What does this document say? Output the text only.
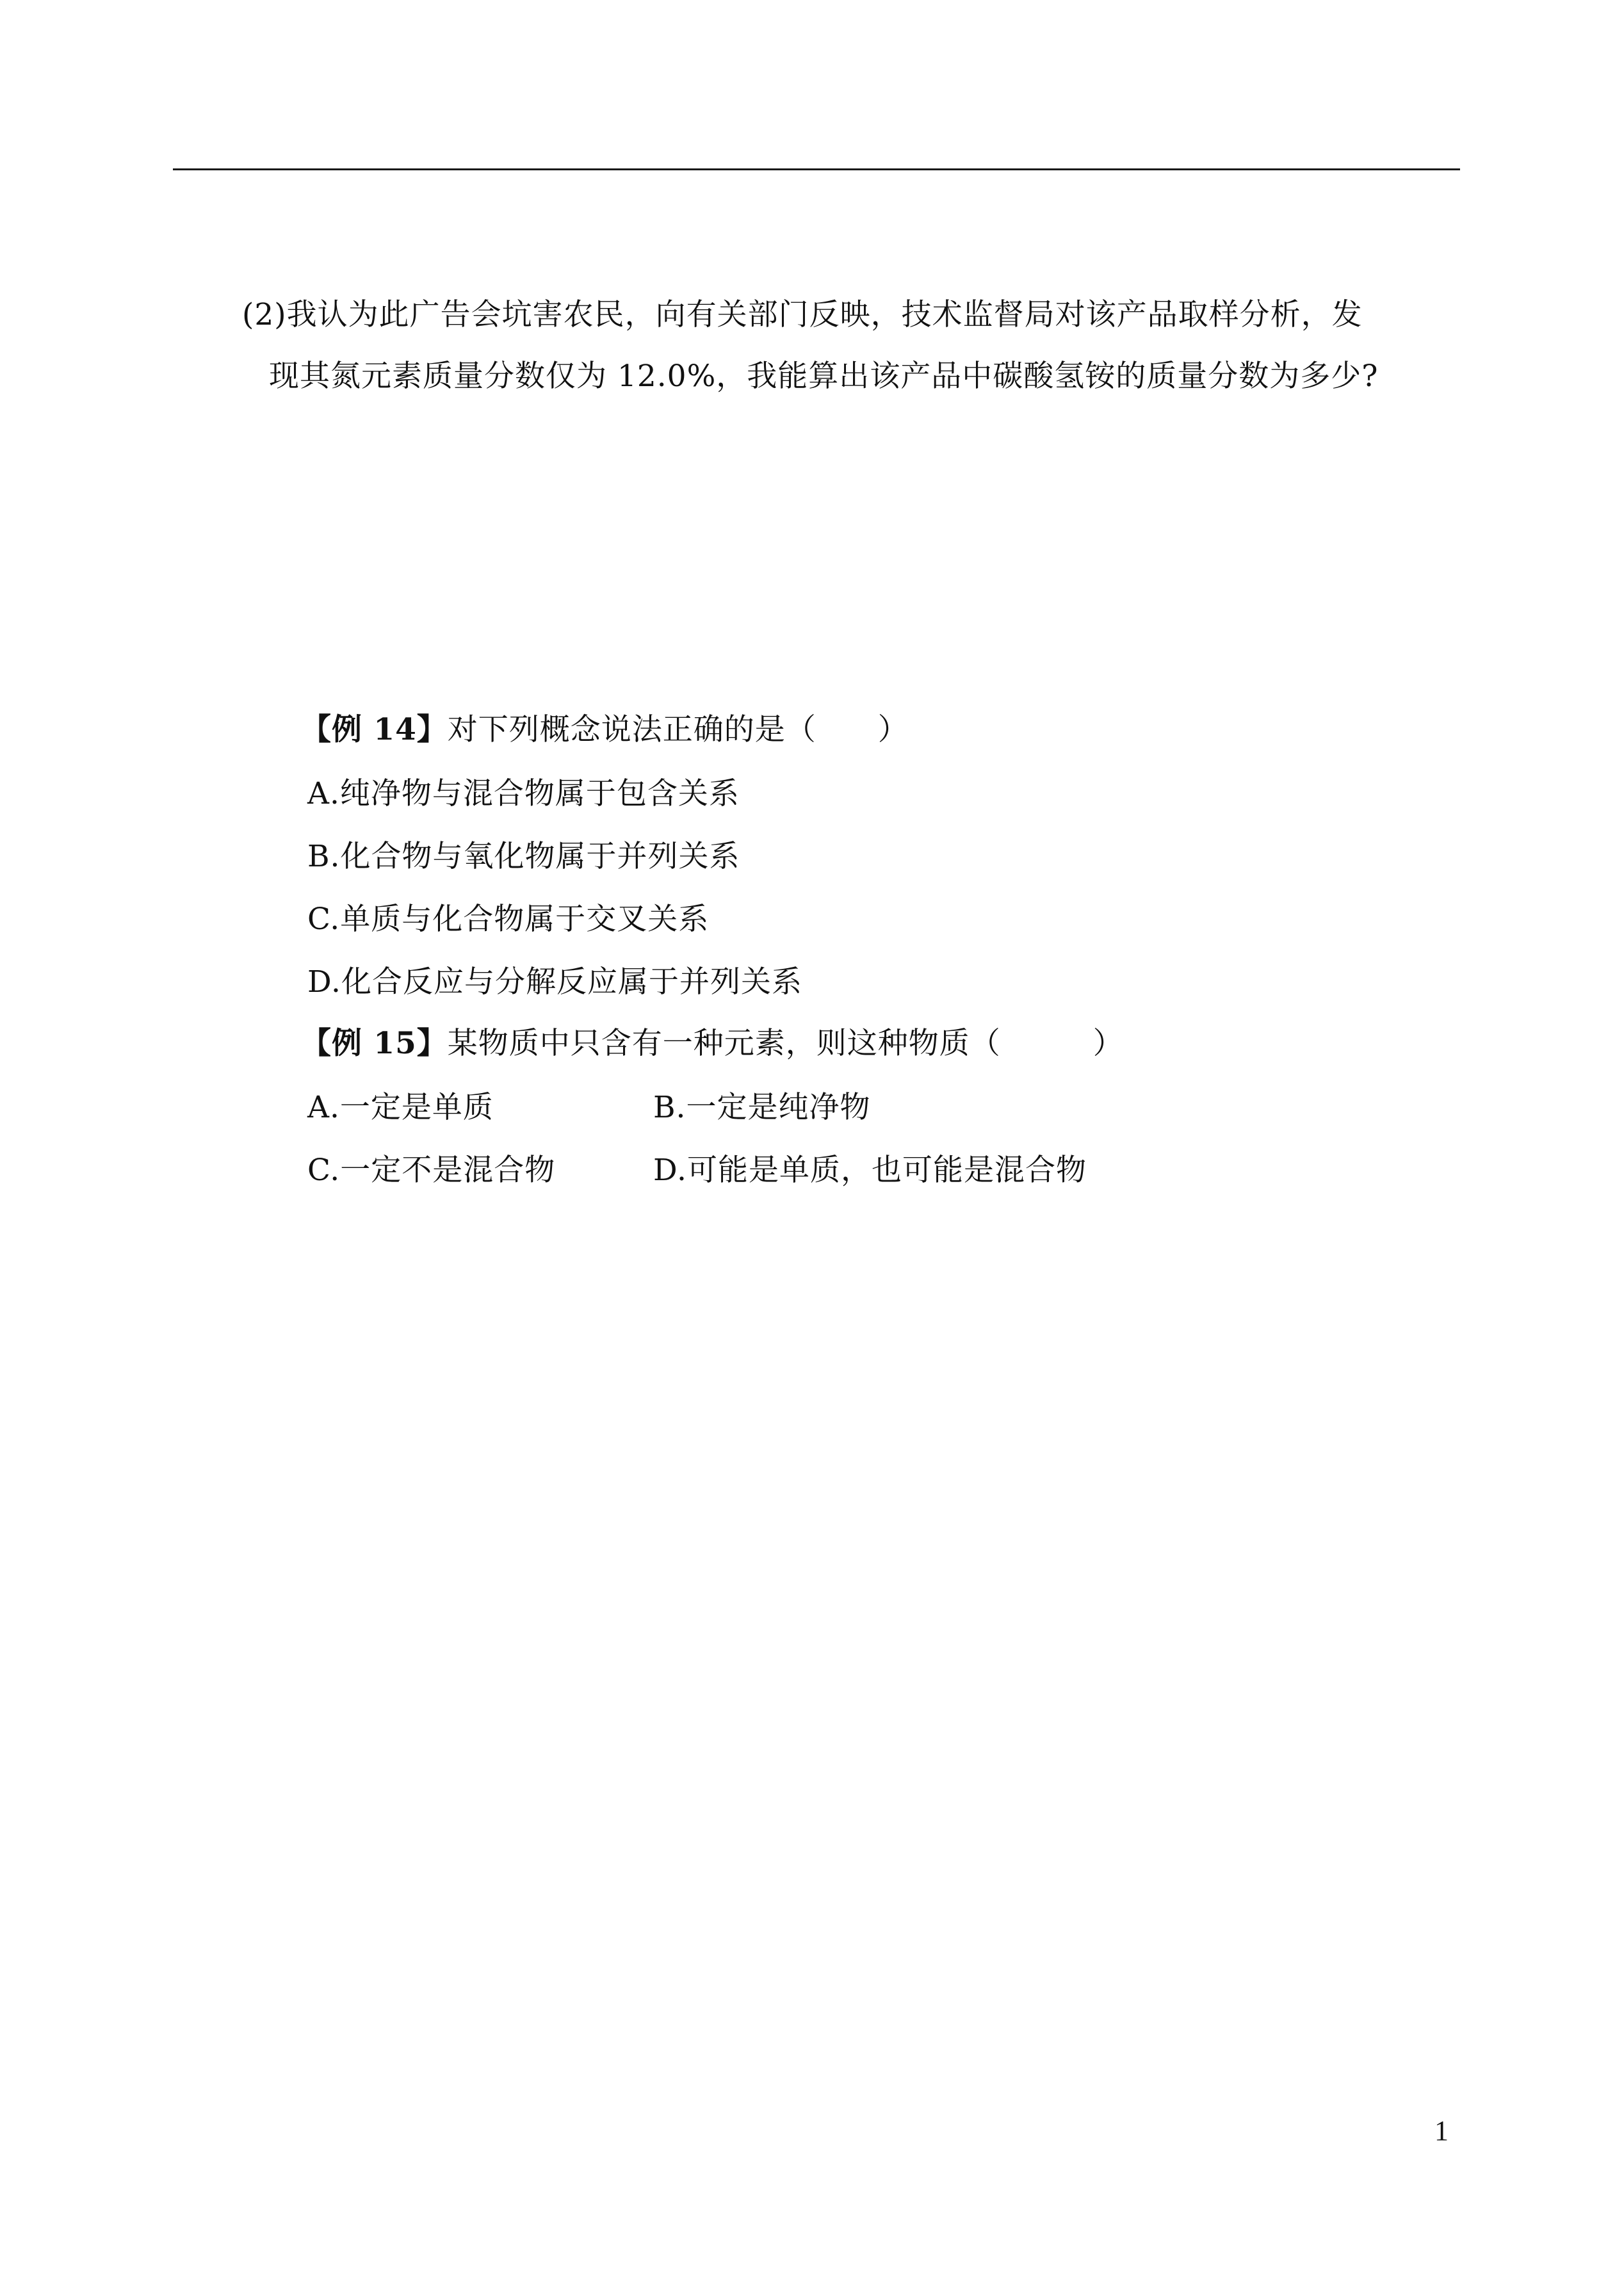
(2)我认为此广告会坑害农民，向有关部门反映，技术监督局对该产品取样分析，发
现其氮元素质量分数仅为 12.0%，我能算出该产品中碳酸氢铵的质量分数为多少?
【例 14】对下列概念说法正确的是（　　）
A.纯净物与混合物属于包含关系
B.化合物与氧化物属于并列关系
C.单质与化合物属于交叉关系
D.化合反应与分解反应属于并列关系
【例 15】某物质中只含有一种元素，则这种物质（　　　）
A.一定是单质	B.一定是纯净物
C.一定不是混合物	D.可能是单质，也可能是混合物
1
